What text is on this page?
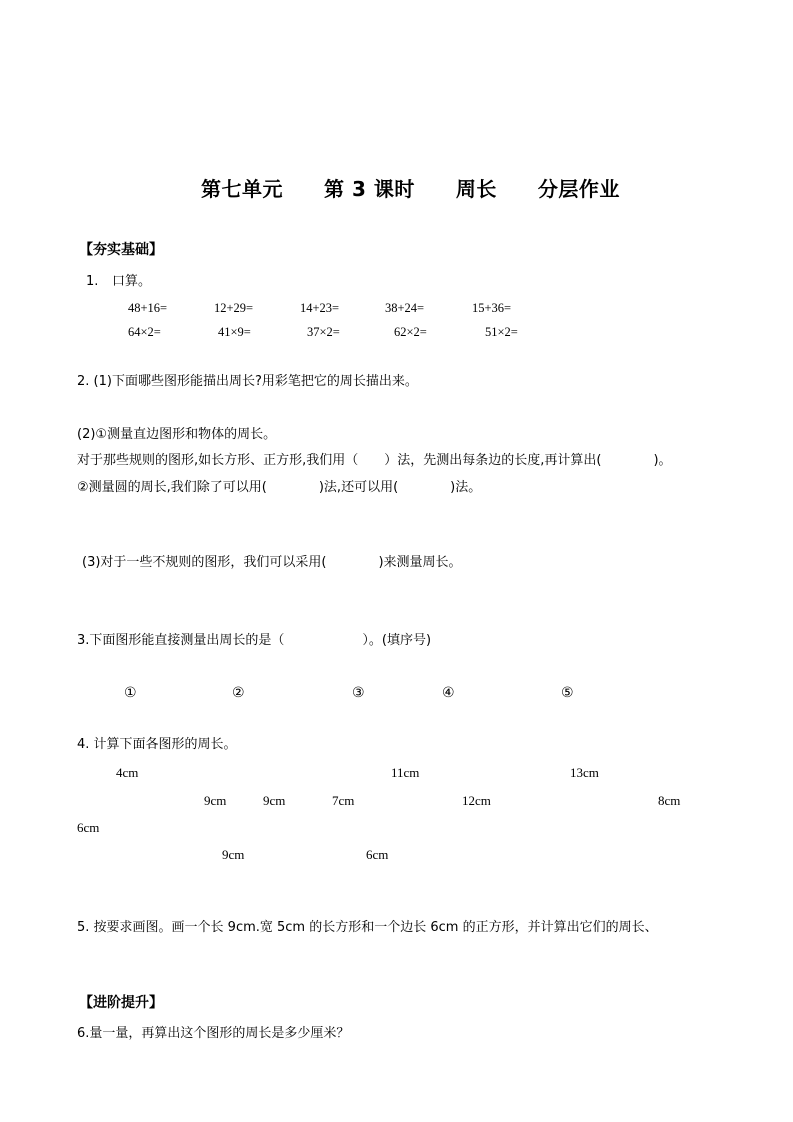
第七单元　　第 3 课时　　周长　　分层作业
【夯实基础】
1. 口算。
48+16=	12+29=	14+23=	38+24=	15+36=
64×2=	41×9=	37×2=	62×2=	51×2=
2. (1)下面哪些图形能描出周长?用彩笔把它的周长描出来。
(2)①测量直边图形和物体的周长。
对于那些规则的图形,如长方形、正方形,我们用（　　）法，先测出每条边的长度,再计算出(　　　　)。
②测量圆的周长,我们除了可以用(　　　　)法,还可以用(　　　　)法。
(3)对于一些不规则的图形，我们可以采用(　　　　)来测量周长。
3.下面图形能直接测量出周长的是（　　　　　　）。(填序号)
①	②	③	④	⑤
4. 计算下面各图形的周长。
4cm	11cm	13cm
9cm	9cm	7cm	12cm	8cm
6cm
9cm	6cm
5. 按要求画图。画一个长 9cm.宽 5cm 的长方形和一个边长 6cm 的正方形，并计算出它们的周长、
【进阶提升】
6.量一量，再算出这个图形的周长是多少厘米？
